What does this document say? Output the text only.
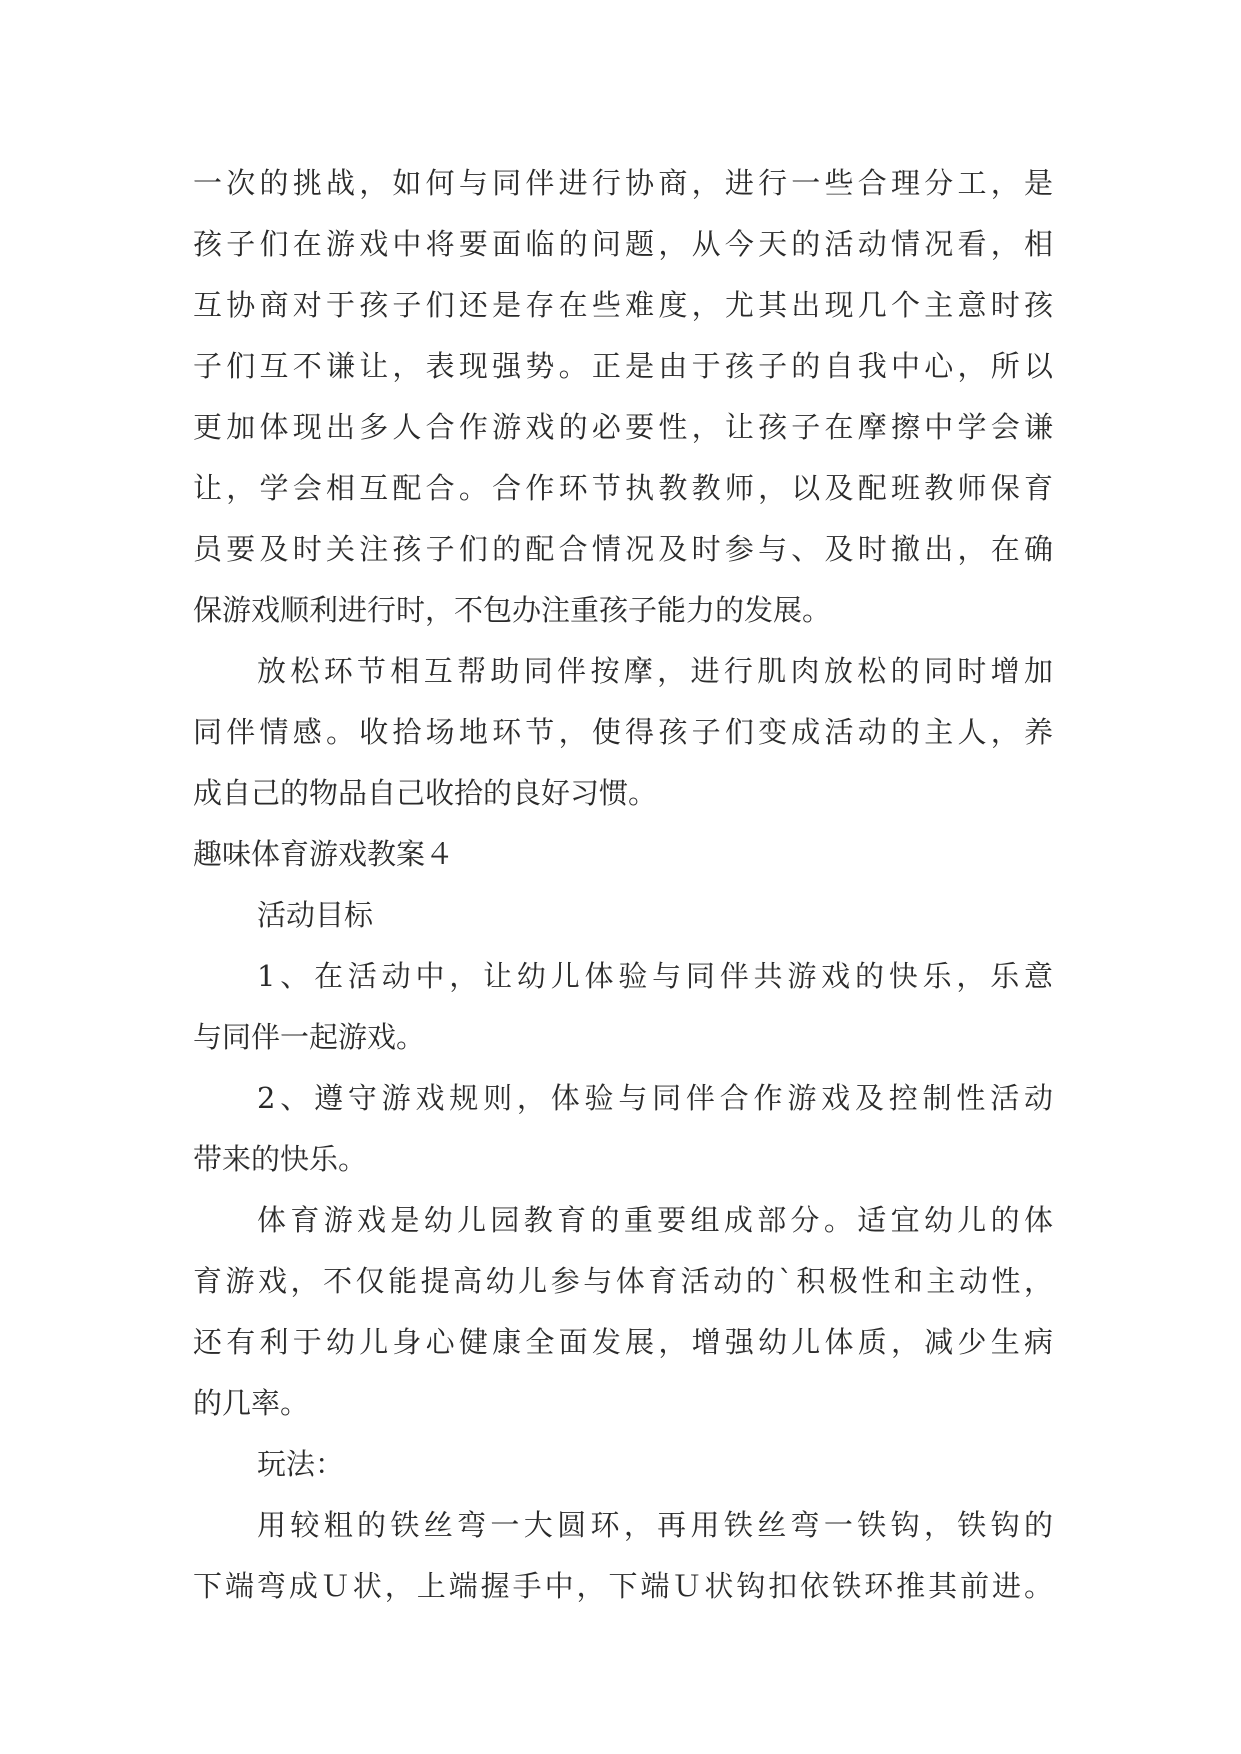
一次的挑战，如何与同伴进行协商，进行一些合理分工，是
孩子们在游戏中将要面临的问题，从今天的活动情况看，相
互协商对于孩子们还是存在些难度，尤其出现几个主意时孩
子们互不谦让，表现强势。正是由于孩子的自我中心，所以
更加体现出多人合作游戏的必要性，让孩子在摩擦中学会谦
让，学会相互配合。合作环节执教教师，以及配班教师保育
员要及时关注孩子们的配合情况及时参与、及时撤出，在确
保游戏顺利进行时，不包办注重孩子能力的发展。
放松环节相互帮助同伴按摩，进行肌肉放松的同时增加
同伴情感。收拾场地环节，使得孩子们变成活动的主人，养
成自己的物品自己收拾的良好习惯。
趣味体育游戏教案４
活动目标
1、在活动中，让幼儿体验与同伴共游戏的快乐，乐意
与同伴一起游戏。
2、遵守游戏规则，体验与同伴合作游戏及控制性活动
带来的快乐。
体育游戏是幼儿园教育的重要组成部分。适宜幼儿的体
育游戏，不仅能提高幼儿参与体育活动的`积极性和主动性，
还有利于幼儿身心健康全面发展，增强幼儿体质，减少生病
的几率。
玩法：
用较粗的铁丝弯一大圆环，再用铁丝弯一铁钩，铁钩的
下端弯成Ｕ状，上端握手中，下端Ｕ状钩扣依铁环推其前进。
